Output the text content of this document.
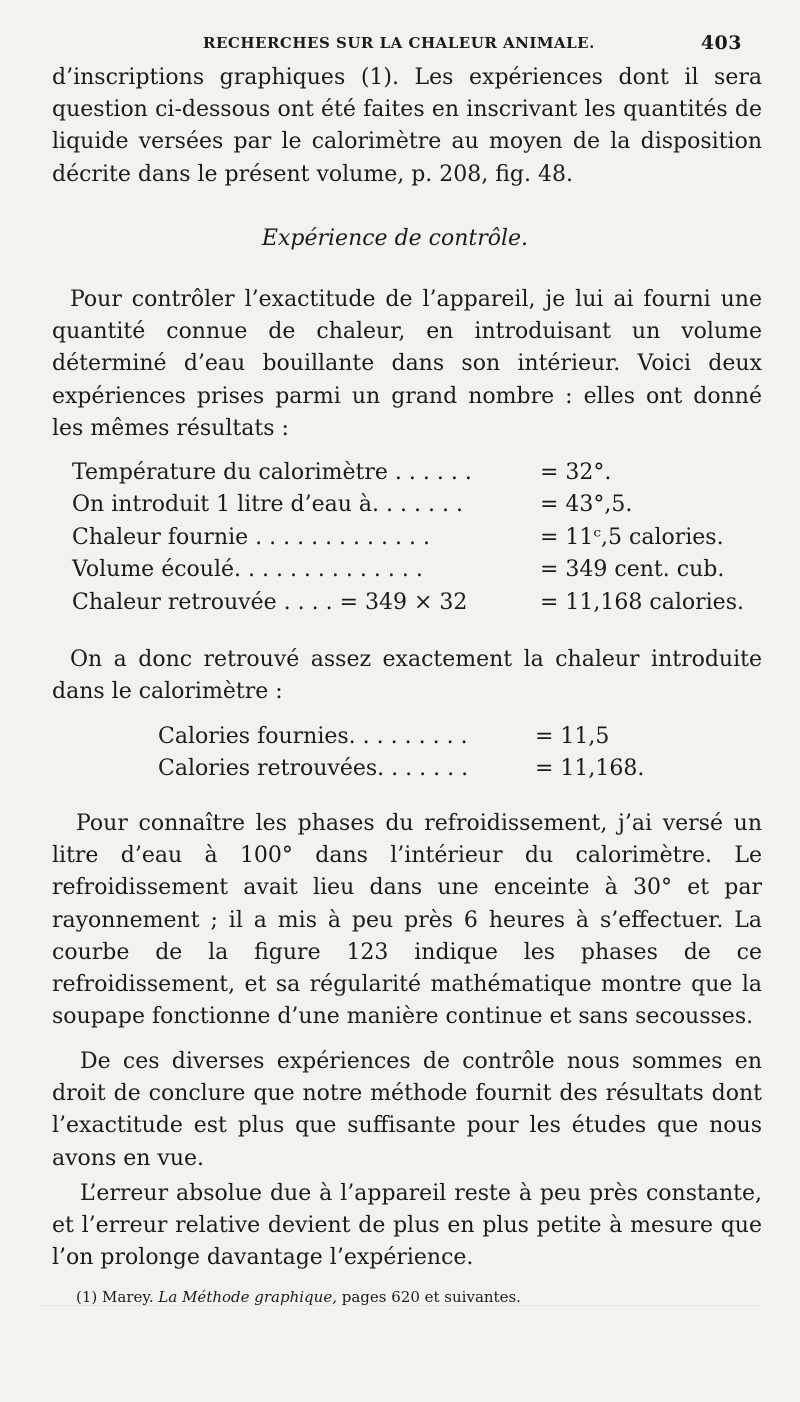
RECHERCHES SUR LA CHALEUR ANIMALE.	403
d’inscriptions graphiques (1). Les expériences dont il sera question ci-dessous ont été faites en inscrivant les quantités de liquide versées par le calorimètre au moyen de la disposition décrite dans le présent volume, p. 208, fig. 48.
Expérience de contrôle.
Pour contrôler l’exactitude de l’appareil, je lui ai fourni une quantité connue de chaleur, en introduisant un volume déterminé d’eau bouillante dans son intérieur. Voici deux expériences prises parmi un grand nombre : elles ont donné les mêmes résultats :
Température du calorimètre . . . . . .	= 32°.
On introduit 1 litre d’eau à. . . . . . .	= 43°,5.
Chaleur fournie . . . . . . . . . . . . .	= 11ᶜ,5 calories.
Volume écoulé. . . . . . . . . . . . . .	= 349 cent. cub.
Chaleur retrouvée . . . . = 349 × 32	= 11,168 calories.
On a donc retrouvé assez exactement la chaleur introduite dans le calorimètre :
Calories fournies. . . . . . . . .	= 11,5
Calories retrouvées. . . . . . .	= 11,168.
Pour connaître les phases du refroidissement, j’ai versé un litre d’eau à 100° dans l’intérieur du calorimètre. Le refroidissement avait lieu dans une enceinte à 30° et par rayonnement ; il a mis à peu près 6 heures à s’effectuer. La courbe de la figure 123 indique les phases de ce refroidissement, et sa régularité mathématique montre que la soupape fonctionne d’une manière continue et sans secousses.
De ces diverses expériences de contrôle nous sommes en droit de conclure que notre méthode fournit des résultats dont l’exactitude est plus que suffisante pour les études que nous avons en vue.
L’erreur absolue due à l’appareil reste à peu près constante, et l’erreur relative devient de plus en plus petite à mesure que l’on prolonge davantage l’expérience.
(1) Marey. La Méthode graphique, pages 620 et suivantes.
